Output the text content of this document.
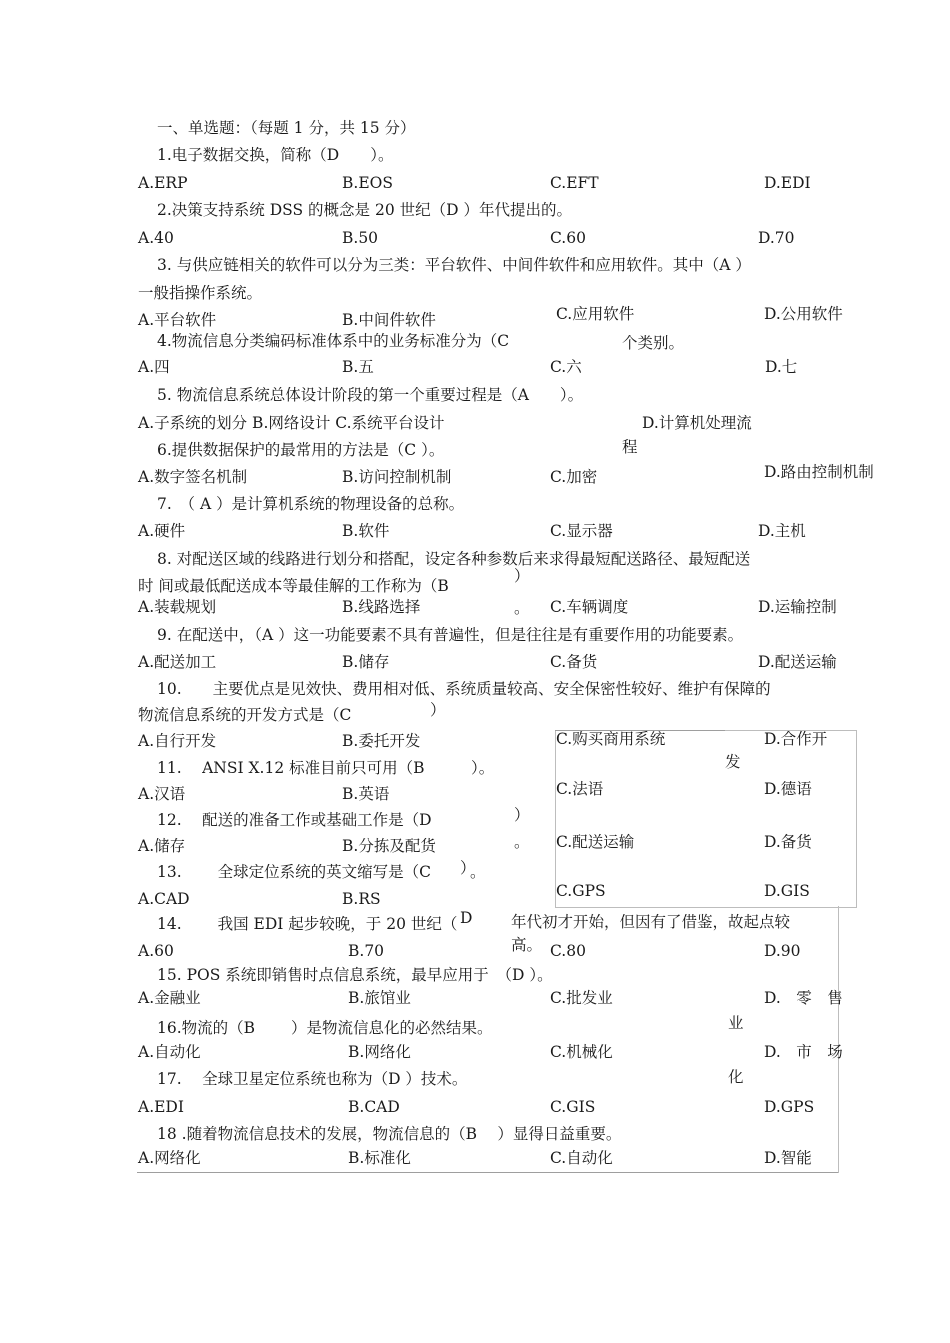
一、单选题：（每题 1 分，共 15 分）
1.电子数据交换，简称（D　　）。
A.ERP	B.EOS	C.EFT	D.EDI
2.决策支持系统 DSS 的概念是 20 世纪（D ）年代提出的。
A.40	B.50	C.60	D.70
3. 与供应链相关的软件可以分为三类：平台软件、中间件软件和应用软件。其中（A ）
一般指操作系统。
A.平台软件	B.中间件软件	C.应用软件	D.公用软件
4.物流信息分类编码标准体系中的业务标准分为（C	个类别。
A.四	B.五	C.六	D.七
5. 物流信息系统总体设计阶段的第一个重要过程是（A　　）。
A.子系统的划分 B.网络设计 C.系统平台设计	D.计算机处理流
程
6.提供数据保护的最常用的方法是（C ）。
A.数字签名机制	B.访问控制机制	C.加密	D.路由控制机制
7.　（ A ）是计算机系统的物理设备的总称。
A.硬件	B.软件	C.显示器	D.主机
8. 对配送区域的线路进行划分和搭配，设定各种参数后来求得最短配送路径、最短配送
时 间或最低配送成本等最佳解的工作称为（B
）
。
A.装载规划	B.线路选择	C.车辆调度	D.运输控制
9. 在配送中，（A ）这一功能要素不具有普遍性，但是往往是有重要作用的功能要素。
A.配送加工	B.储存	C.备货	D.配送运输
10.　　主要优点是见效快、费用相对低、系统质量较高、安全保密性较好、维护有保障的
物流信息系统的开发方式是（C	）
A.自行开发	B.委托开发	C.购买商用系统	D.合作开
发
11.　 ANSI X.12 标准目前只可用（B　　　）。
A.汉语	B.英语	C.法语	D.德语
12.　 配送的准备工作或基础工作是（D	）
。
A.储存	B.分拣及配货	C.配送运输	D.备货
13.　　 全球定位系统的英文缩写是（C ）
。
A.CAD	B.RS	C.GPS	D.GIS
14.　　 我国 EDI 起步较晚，于 20 世纪（ D 年代初才开始，但因有了借鉴，故起点较
高。
A.60	B.70	C.80	D.90
15. POS 系统即销售时点信息系统，最早应用于　（D ）。
A.金融业	B.旅馆业	C.批发业	D.　零　售
业
16.物流的（B　　 ）是物流信息化的必然结果。
A.自动化	B.网络化	C.机械化	D.　市　场
化
17.　 全球卫星定位系统也称为（D ）技术。
A.EDI	B.CAD	C.GIS	D.GPS
18 .随着物流信息技术的发展，物流信息的（B　 ）显得日益重要。
A.网络化	B.标准化	C.自动化	D.智能
